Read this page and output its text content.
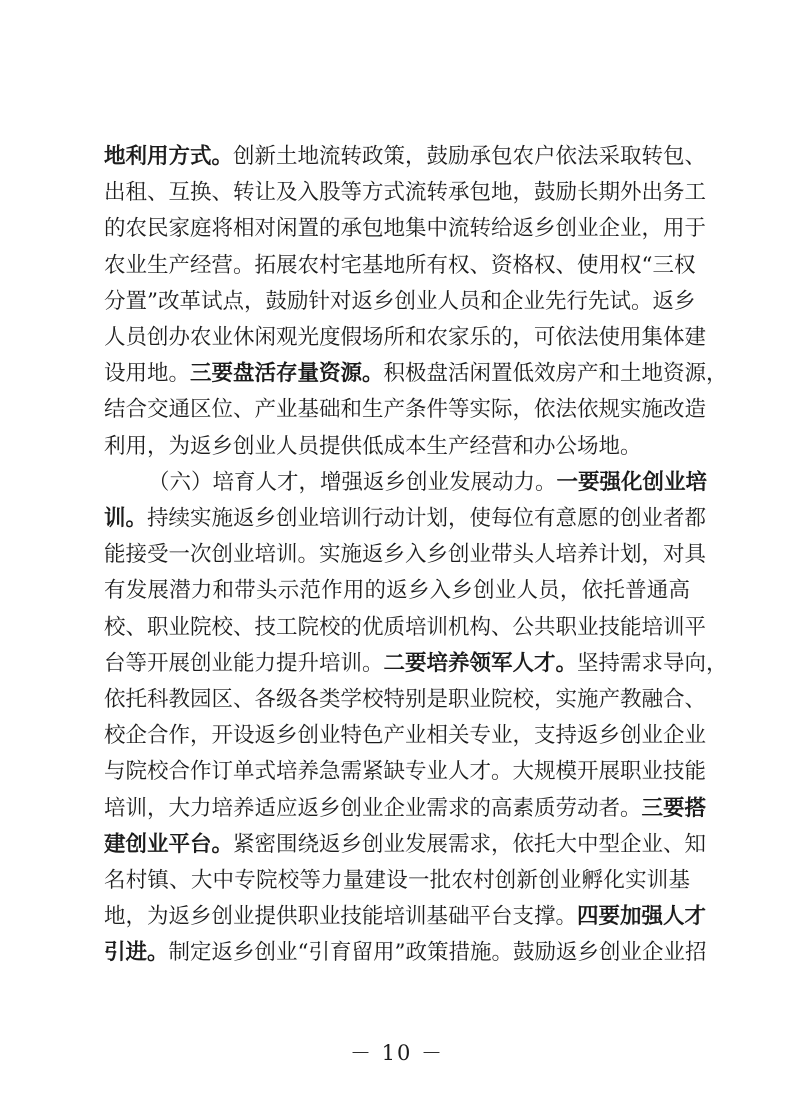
地利用方式。创新土地流转政策，鼓励承包农户依法采取转包、
出租、互换、转让及入股等方式流转承包地，鼓励长期外出务工
的农民家庭将相对闲置的承包地集中流转给返乡创业企业，用于
农业生产经营。拓展农村宅基地所有权、资格权、使用权“三权
分置”改革试点，鼓励针对返乡创业人员和企业先行先试。返乡
人员创办农业休闲观光度假场所和农家乐的，可依法使用集体建
设用地。三要盘活存量资源。积极盘活闲置低效房产和土地资源，
结合交通区位、产业基础和生产条件等实际，依法依规实施改造
利用，为返乡创业人员提供低成本生产经营和办公场地。
（六）培育人才，增强返乡创业发展动力。一要强化创业培
训。持续实施返乡创业培训行动计划，使每位有意愿的创业者都
能接受一次创业培训。实施返乡入乡创业带头人培养计划，对具
有发展潜力和带头示范作用的返乡入乡创业人员，依托普通高
校、职业院校、技工院校的优质培训机构、公共职业技能培训平
台等开展创业能力提升培训。二要培养领军人才。坚持需求导向，
依托科教园区、各级各类学校特别是职业院校，实施产教融合、
校企合作，开设返乡创业特色产业相关专业，支持返乡创业企业
与院校合作订单式培养急需紧缺专业人才。大规模开展职业技能
培训，大力培养适应返乡创业企业需求的高素质劳动者。三要搭
建创业平台。紧密围绕返乡创业发展需求，依托大中型企业、知
名村镇、大中专院校等力量建设一批农村创新创业孵化实训基
地，为返乡创业提供职业技能培训基础平台支撑。四要加强人才
引进。制定返乡创业“引育留用”政策措施。鼓励返乡创业企业招
－ 10 －
